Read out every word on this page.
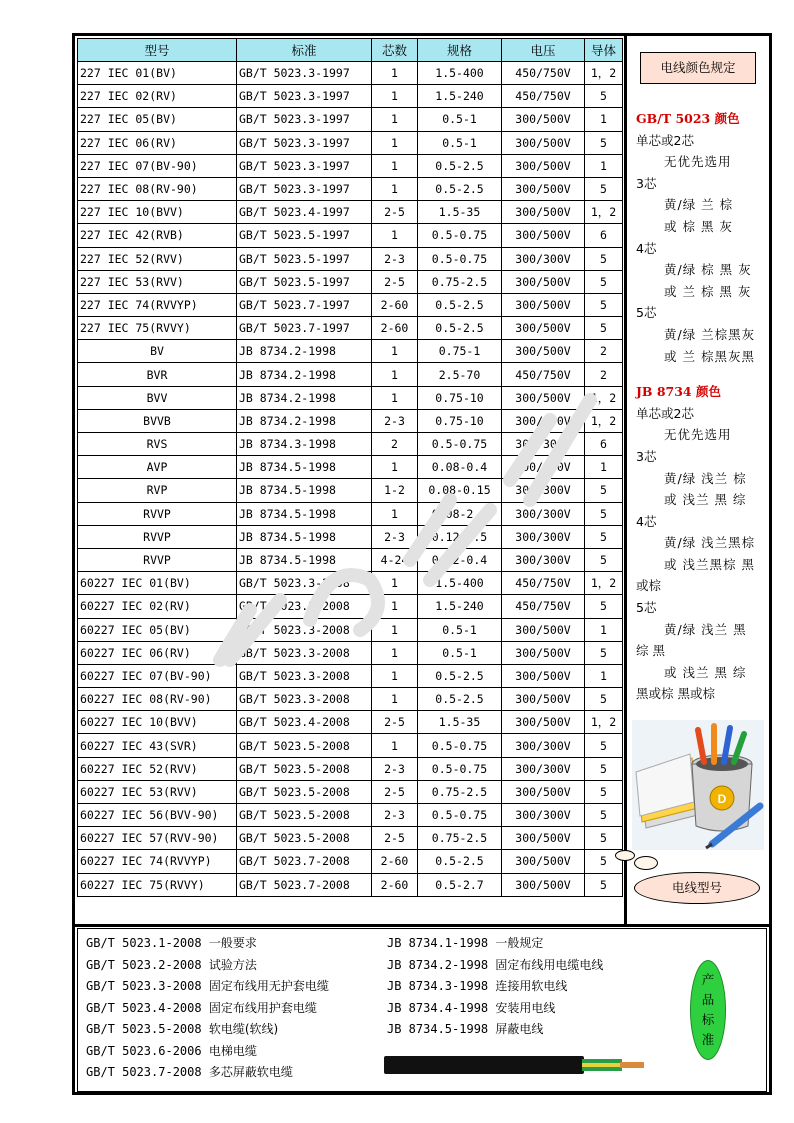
型号	标准	芯数	规格	电压	导体
227 IEC 01(BV)	GB/T 5023.3-1997	1	1.5-400	450/750V	1，2
227 IEC 02(RV)	GB/T 5023.3-1997	1	1.5-240	450/750V	5
227 IEC 05(BV)	GB/T 5023.3-1997	1	0.5-1	300/500V	1
227 IEC 06(RV)	GB/T 5023.3-1997	1	0.5-1	300/500V	5
227 IEC 07(BV-90)	GB/T 5023.3-1997	1	0.5-2.5	300/500V	1
227 IEC 08(RV-90)	GB/T 5023.3-1997	1	0.5-2.5	300/500V	5
227 IEC 10(BVV)	GB/T 5023.4-1997	2-5	1.5-35	300/500V	1，2
227 IEC 42(RVB)	GB/T 5023.5-1997	1	0.5-0.75	300/500V	6
227 IEC 52(RVV)	GB/T 5023.5-1997	2-3	0.5-0.75	300/300V	5
227 IEC 53(RVV)	GB/T 5023.5-1997	2-5	0.75-2.5	300/500V	5
227 IEC 74(RVVYP)	GB/T 5023.7-1997	2-60	0.5-2.5	300/500V	5
227 IEC 75(RVVY)	GB/T 5023.7-1997	2-60	0.5-2.5	300/500V	5
BV	JB 8734.2-1998	1	0.75-1	300/500V	2
BVR	JB 8734.2-1998	1	2.5-70	450/750V	2
BVV	JB 8734.2-1998	1	0.75-10	300/500V	1，2
BVVB	JB 8734.2-1998	2-3	0.75-10	300/500V	1，2
RVS	JB 8734.3-1998	2	0.5-0.75	300/300V	6
AVP	JB 8734.5-1998	1	0.08-0.4	300/300V	1
RVP	JB 8734.5-1998	1-2	0.08-0.15	300/300V	5
RVVP	JB 8734.5-1998	1	0.08-2.5	300/300V	5
RVVP	JB 8734.5-1998	2-3	0.12-1.5	300/300V	5
RVVP	JB 8734.5-1998	4-24	0.12-0.4	300/300V	5
60227 IEC 01(BV)	GB/T 5023.3-2008	1	1.5-400	450/750V	1，2
60227 IEC 02(RV)	GB/T 5023.3-2008	1	1.5-240	450/750V	5
60227 IEC 05(BV)	GB/T 5023.3-2008	1	0.5-1	300/500V	1
60227 IEC 06(RV)	GB/T 5023.3-2008	1	0.5-1	300/500V	5
60227 IEC 07(BV-90)	GB/T 5023.3-2008	1	0.5-2.5	300/500V	1
60227 IEC 08(RV-90)	GB/T 5023.3-2008	1	0.5-2.5	300/500V	5
60227 IEC 10(BVV)	GB/T 5023.4-2008	2-5	1.5-35	300/500V	1，2
60227 IEC 43(SVR)	GB/T 5023.5-2008	1	0.5-0.75	300/300V	5
60227 IEC 52(RVV)	GB/T 5023.5-2008	2-3	0.5-0.75	300/300V	5
60227 IEC 53(RVV)	GB/T 5023.5-2008	2-5	0.75-2.5	300/500V	5
60227 IEC 56(BVV-90)	GB/T 5023.5-2008	2-3	0.5-0.75	300/300V	5
60227 IEC 57(RVV-90)	GB/T 5023.5-2008	2-5	0.75-2.5	300/500V	5
60227 IEC 74(RVVYP)	GB/T 5023.7-2008	2-60	0.5-2.5	300/500V	5
60227 IEC 75(RVVY)	GB/T 5023.7-2008	2-60	0.5-2.7	300/500V	5
电线颜色规定
GB/T 5023 颜色
单芯或2芯
无优先选用
3芯
黄/绿 兰 棕
或 棕 黑 灰
4芯
黄/绿 棕 黑 灰
或 兰 棕 黑 灰
5芯
黄/绿 兰棕黑灰
或 兰 棕黑灰黑
JB 8734 颜色
单芯或2芯
无优先选用
3芯
黄/绿 浅兰 棕
或 浅兰 黑 综
4芯
黄/绿 浅兰黑棕
或 浅兰黑棕 黑
或棕
5芯
黄/绿 浅兰 黑
综 黑
或 浅兰 黑 综
黑或棕 黑或棕
D
电线型号
GB/T 5023.1-2008 一般要求
GB/T 5023.2-2008 试验方法
GB/T 5023.3-2008 固定布线用无护套电缆
GB/T 5023.4-2008 固定布线用护套电缆
GB/T 5023.5-2008 软电缆(软线)
GB/T 5023.6-2006 电梯电缆
GB/T 5023.7-2008 多芯屏蔽软电缆
JB 8734.1-1998 一般规定
JB 8734.2-1998 固定布线用电缆电线
JB 8734.3-1998 连接用软电线
JB 8734.4-1998 安装用电线
JB 8734.5-1998 屏蔽电线
产
品
标
准
